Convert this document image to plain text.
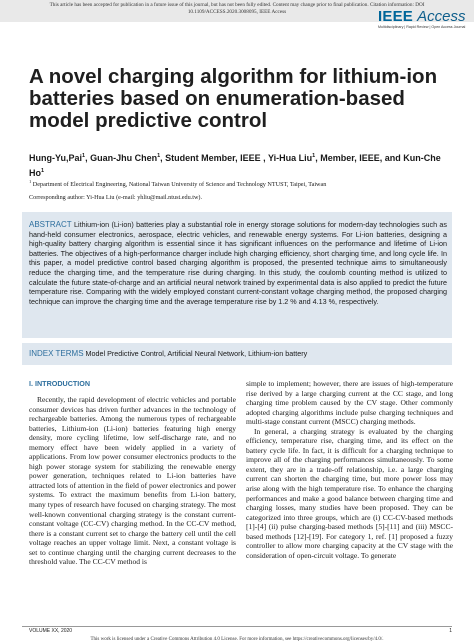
This article has been accepted for publication in a future issue of this journal, but has not been fully edited. Content may change prior to final publication. Citation information: DOI
10.1109/ACCESS.2020.3008095, IEEE Access	IEEE Access
Multidisciplinary | Rapid Review | Open Access Journal
A novel charging algorithm for lithium-ion batteries based on enumeration-based model predictive control
Hung-Yu,Pai$^1$, Guan-Jhu Chen$^1$, Student Member, IEEE , Yi-Hua Liu$^1$, Member, IEEE, and Kun-Che Ho$^1$
$^1$ Department of Electrical Engineering, National Taiwan University of Science and Technology NTUST, Taipei, Taiwan
Corresponding author: Yi-Hua Liu (e-mail: yhliu@mail.ntust.edu.tw).

ABSTRACT Lithium-ion (Li-ion) batteries play a substantial role in energy storage solutions for modern-day technologies such as hand-held consumer electronics, aerospace, electric vehicles, and renewable energy systems. For Li-ion batteries, designing a high-quality battery charging algorithm is essential since it has significant influences on the performance and lifetime of Li-ion batteries. The objectives of a high-performance charger include high charging efficiency, short charging time, and long cycle life. In this paper, a model predictive control based charging algorithm is proposed, the presented technique aims to simultaneously reduce the charging time, and the temperature rise during charging. In this study, the coulomb counting method is utilized to calculate the future state-of-charge and an artificial neural network trained by experimental data is also applied to predict the future temperature rise. Comparing with the widely employed constant current-constant voltage charging method, the proposed charging technique can improve the charging time and the average temperature rise by 1.2 % and 4.13 %, respectively.

INDEX TERMS Model Predictive Control, Artificial Neural Network, Lithium-ion battery

I. INTRODUCTION

Recently, the rapid development of electric vehicles and portable consumer devices has driven further advances in the technology of rechargeable batteries. Among the numerous types of rechargeable batteries, Lithium-ion (Li-ion) batteries featuring high energy density, more cycling lifetime, low self-discharge rate, and no memory effect have been widely applied in a variety of applications. From low power consumer electronics products to the high power storage system for stabilizing the renewable energy power generation, techniques related to Li-ion batteries have attracted lots of attention in the field of power electronics and power systems. To extract the maximum benefits from Li-ion battery, many types of research have focused on charging strategy. The most well-known conventional charging strategy is the constant current-constant voltage (CC-CV) charging method. In the CC-CV method, there is a constant current set to charge the battery cell until the cell voltage reaches an upper voltage limit. Next, a constant voltage is set to continue charging until the charging current decreases to the threshold value. The CC-CV method is

simple to implement; however, there are issues of high-temperature rise derived by a large charging current at the CC stage, and long charging time problem caused by the CV stage. Other commonly adopted charging algorithms include pulse charging techniques and multi-stage constant current (MSCC) charging methods.

In general, a charging strategy is evaluated by the charging efficiency, temperature rise, charging time, and its effect on the battery cycle life. In fact, it is difficult for a charging technique to improve all of the charging performances simultaneously. To some extent, they are in a trade-off relationship, i.e. a large charging current can shorten the charging time, but more power loss may arise along with the high temperature rise. To enhance the charging performances and make a good balance between charging time and charging losses, many studies have been proposed. They can be categorized into three groups, which are (i) CC-CV-based methods [1]-[4] (ii) pulse charging-based methods [5]-[11] and (iii) MSCC-based methods [12]-[19]. For category 1, ref. [1] proposed a fuzzy controller to allow more charging capacity at the CV stage with the consideration of open-circuit voltage. To generate

VOLUME XX, 2020	1
This work is licensed under a Creative Commons Attribution 4.0 License. For more information, see https://creativecommons.org/licenses/by/4.0/.
